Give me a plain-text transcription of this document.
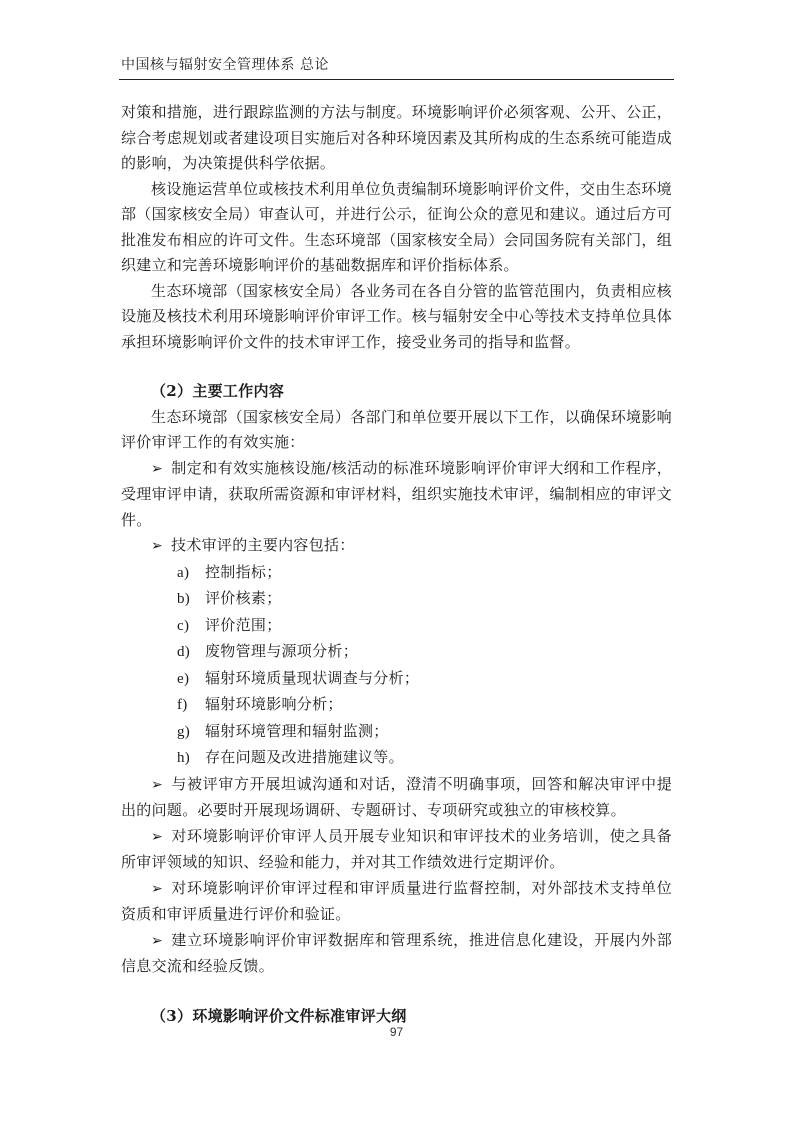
中国核与辐射安全管理体系 总论

对策和措施，进行跟踪监测的方法与制度。环境影响评价必须客观、公开、公正，综合考虑规划或者建设项目实施后对各种环境因素及其所构成的生态系统可能造成的影响，为决策提供科学依据。

核设施运营单位或核技术利用单位负责编制环境影响评价文件，交由生态环境部（国家核安全局）审查认可，并进行公示，征询公众的意见和建议。通过后方可批准发布相应的许可文件。生态环境部（国家核安全局）会同国务院有关部门，组织建立和完善环境影响评价的基础数据库和评价指标体系。

生态环境部（国家核安全局）各业务司在各自分管的监管范围内，负责相应核设施及核技术利用环境影响评价审评工作。核与辐射安全中心等技术支持单位具体承担环境影响评价文件的技术审评工作，接受业务司的指导和监督。

（2）主要工作内容

生态环境部（国家核安全局）各部门和单位要开展以下工作，以确保环境影响评价审评工作的有效实施：

➢ 制定和有效实施核设施/核活动的标准环境影响评价审评大纲和工作程序，受理审评申请，获取所需资源和审评材料，组织实施技术审评，编制相应的审评文件。

➢ 技术审评的主要内容包括：

a) 控制指标；

b) 评价核素；

c) 评价范围；

d) 废物管理与源项分析；

e) 辐射环境质量现状调查与分析；

f) 辐射环境影响分析；

g) 辐射环境管理和辐射监测；

h) 存在问题及改进措施建议等。

➢ 与被评审方开展坦诚沟通和对话，澄清不明确事项，回答和解决审评中提出的问题。必要时开展现场调研、专题研讨、专项研究或独立的审核校算。

➢ 对环境影响评价审评人员开展专业知识和审评技术的业务培训，使之具备所审评领域的知识、经验和能力，并对其工作绩效进行定期评价。

➢ 对环境影响评价审评过程和审评质量进行监督控制，对外部技术支持单位资质和审评质量进行评价和验证。

➢ 建立环境影响评价审评数据库和管理系统，推进信息化建设，开展内外部信息交流和经验反馈。

（3）环境影响评价文件标准审评大纲

97
